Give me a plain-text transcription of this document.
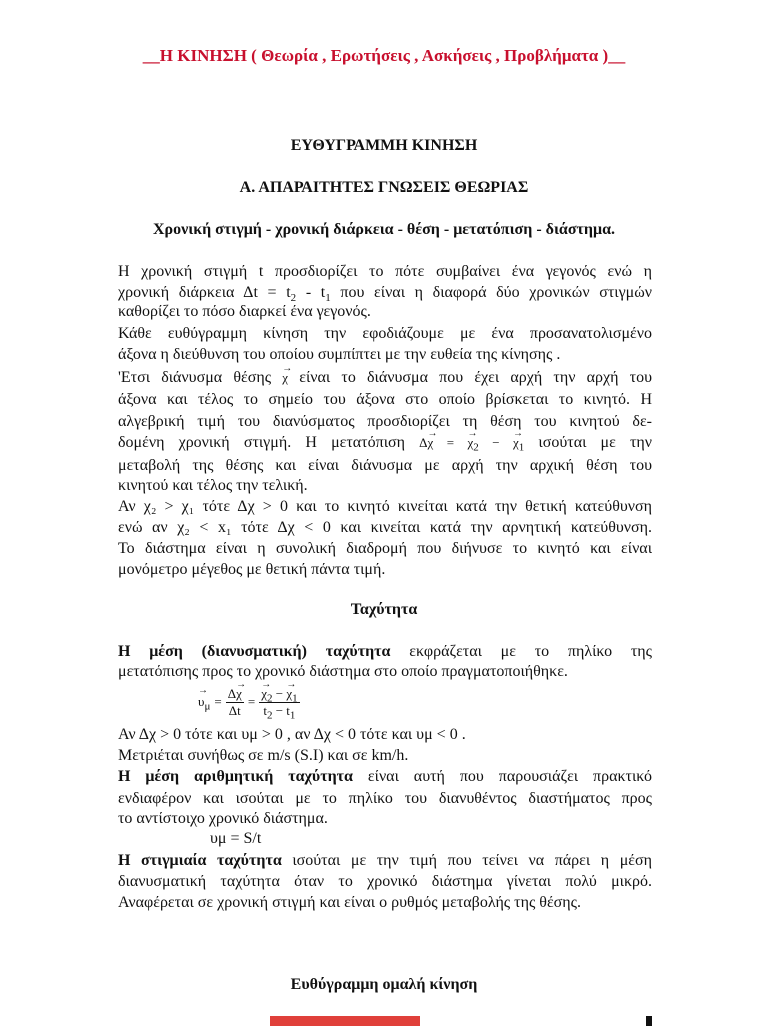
__Η ΚΙΝΗΣΗ ( Θεωρία , Ερωτήσεις , Ασκήσεις , Προβλήματα )__
ΕΥΘΥΓΡΑΜΜΗ ΚΙΝΗΣΗ
Α. ΑΠΑΡΑΙΤΗΤΕΣ ΓΝΩΣΕΙΣ ΘΕΩΡΙΑΣ
Χρονική στιγμή - χρονική διάρκεια - θέση - μετατόπιση - διάστημα.
Η χρονική στιγμή t προσδιορίζει το πότε συμβαίνει ένα γεγονός ενώ η
χρονική διάρκεια $\Delta t = t_2 - t_1$ που είναι η διαφορά δύο χρονικών στιγμών
καθορίζει το πόσο διαρκεί ένα γεγονός.
Κάθε ευθύγραμμη κίνηση την εφοδιάζουμε με ένα προσανατολισμένο
άξονα η διεύθυνση του οποίου συμπίπτει με την ευθεία της κίνησης .
'Ετσι διάνυσμα θέσης → χ είναι το διάνυσμα που έχει αρχή την αρχή του
άξονα και τέλος το σημείο του άξονα στο οποίο βρίσκεται το κινητό. Η
αλγεβρική τιμή του διανύσματος προσδιορίζει τη θέση του κινητού δε-
δομένη χρονική στιγμή. Η μετατόπιση Δ→ χ = → $\chi_2$ − → $\chi_1$ ισούται με την
μεταβολή της θέσης και είναι διάνυσμα με αρχή την αρχική θέση του
κινητού και τέλος την τελική.
Αν χ₂ > χ₁ τότε Δχ > 0 και το κινητό κινείται κατά την θετική κατεύθυνση
ενώ αν χ₂ < x₁ τότε Δχ < 0 και κινείται κατά την αρνητική κατεύθυνση.
Το διάστημα είναι η συνολική διαδρομή που διήνυσε το κινητό και είναι
μονόμετρο μέγεθος με θετική πάντα τιμή.
Ταχύτητα
Η μέση (διανυσματική) ταχύτητα εκφράζεται με το πηλίκο της
μετατόπισης προς το χρονικό διάστημα στο οποίο πραγματοποιήθηκε.
→ $\upsilon_\mu = \frac{\Delta\to \chi}{\Delta t}$ = → $\frac{\chi_2 - \to \chi_1}{t_2 - t_1}$
Αν Δχ > 0 τότε και υμ > 0 , αν Δχ < 0 τότε και υμ < 0 .
Μετριέται συνήθως σε m/s (S.I) και σε km/h.
Η μέση αριθμητική ταχύτητα είναι αυτή που παρουσιάζει πρακτικό
ενδιαφέρον και ισούται με το πηλίκο του διανυθέντος διαστήματος προς
το αντίστοιχο χρονικό διάστημα.
υμ = S/t
Η στιγμιαία ταχύτητα ισούται με την τιμή που τείνει να πάρει η μέση
διανυσματική ταχύτητα όταν το χρονικό διάστημα γίνεται πολύ μικρό.
Αναφέρεται σε χρονική στιγμή και είναι ο ρυθμός μεταβολής της θέσης.
Ευθύγραμμη ομαλή κίνηση
